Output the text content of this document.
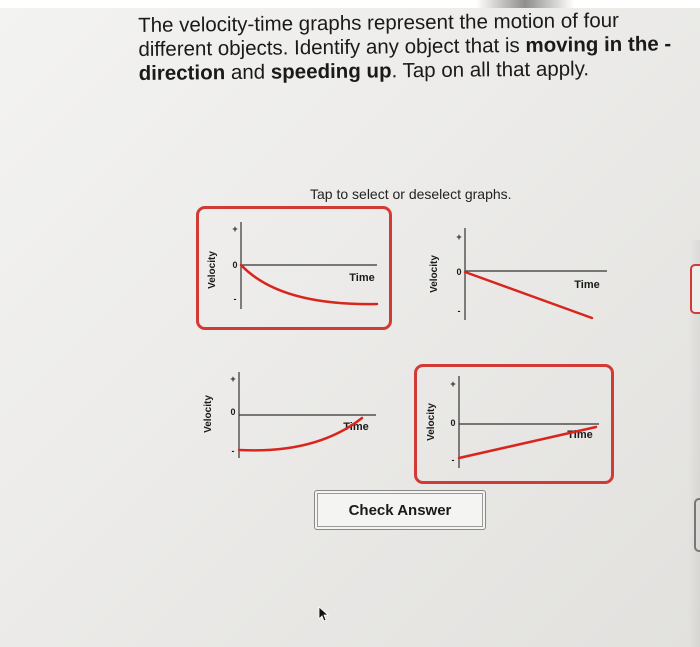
The velocity-time graphs represent the motion of four different objects. Identify any object that is moving in the - direction and speeding up. Tap on all that apply.
Tap to select or deselect graphs.
Velocity
+
0
-
Time	Velocity
+
0
-
Time
Velocity
+
0
-
Time	Velocity
+
0
-
Time
Check Answer
